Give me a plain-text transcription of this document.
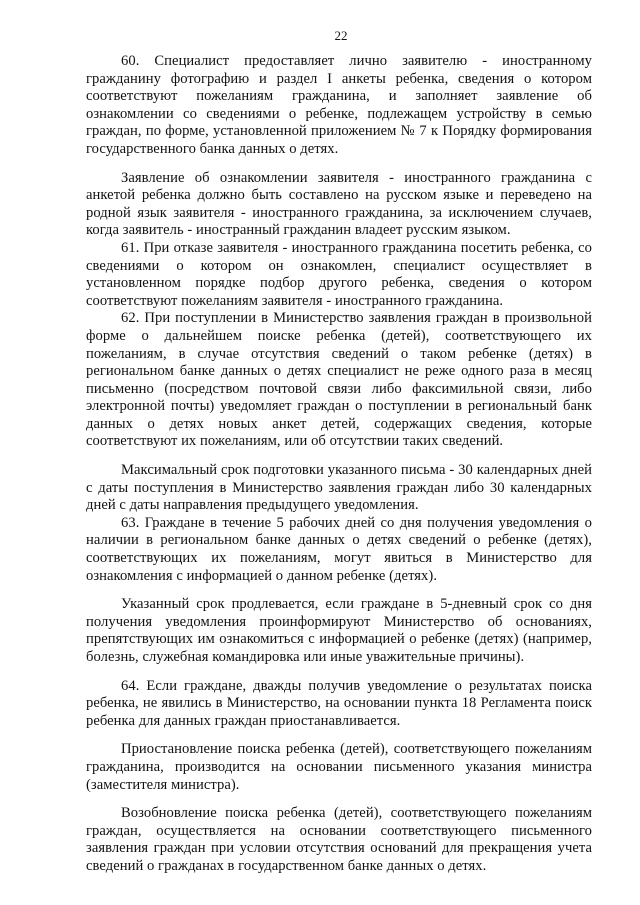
22

60. Специалист предоставляет лично заявителю - иностранному гражданину фотографию и раздел I анкеты ребенка, сведения о котором соответствуют пожеланиям гражданина, и заполняет заявление об ознакомлении со сведениями о ребенке, подлежащем устройству в семью граждан, по форме, установленной приложением № 7 к Порядку формирования государственного банка данных о детях.

Заявление об ознакомлении заявителя - иностранного гражданина с анкетой ребенка должно быть составлено на русском языке и переведено на родной язык заявителя - иностранного гражданина, за исключением случаев, когда заявитель - иностранный гражданин владеет русским языком.

61. При отказе заявителя - иностранного гражданина посетить ребенка, со сведениями о котором он ознакомлен, специалист осуществляет в установленном порядке подбор другого ребенка, сведения о котором соответствуют пожеланиям заявителя - иностранного гражданина.

62. При поступлении в Министерство заявления граждан в произвольной форме о дальнейшем поиске ребенка (детей), соответствующего их пожеланиям, в случае отсутствия сведений о таком ребенке (детях) в региональном банке данных о детях специалист не реже одного раза в месяц письменно (посредством почтовой связи либо факсимильной связи, либо электронной почты) уведомляет граждан о поступлении в региональный банк данных о детях новых анкет детей, содержащих сведения, которые соответствуют их пожеланиям, или об отсутствии таких сведений.

Максимальный срок подготовки указанного письма - 30 календарных дней с даты поступления в Министерство заявления граждан либо 30 календарных дней с даты направления предыдущего уведомления.

63. Граждане в течение 5 рабочих дней со дня получения уведомления о наличии в региональном банке данных о детях сведений о ребенке (детях), соответствующих их пожеланиям, могут явиться в Министерство для ознакомления с информацией о данном ребенке (детях).

Указанный срок продлевается, если граждане в 5-дневный срок со дня получения уведомления проинформируют Министерство об основаниях, препятствующих им ознакомиться с информацией о ребенке (детях) (например, болезнь, служебная командировка или иные уважительные причины).

64. Если граждане, дважды получив уведомление о результатах поиска ребенка, не явились в Министерство, на основании пункта 18 Регламента поиск ребенка для данных граждан приостанавливается.

Приостановление поиска ребенка (детей), соответствующего пожеланиям гражданина, производится на основании письменного указания министра (заместителя министра).

Возобновление поиска ребенка (детей), соответствующего пожеланиям граждан, осуществляется на основании соответствующего письменного заявления граждан при условии отсутствия оснований для прекращения учета сведений о гражданах в государственном банке данных о детях.
